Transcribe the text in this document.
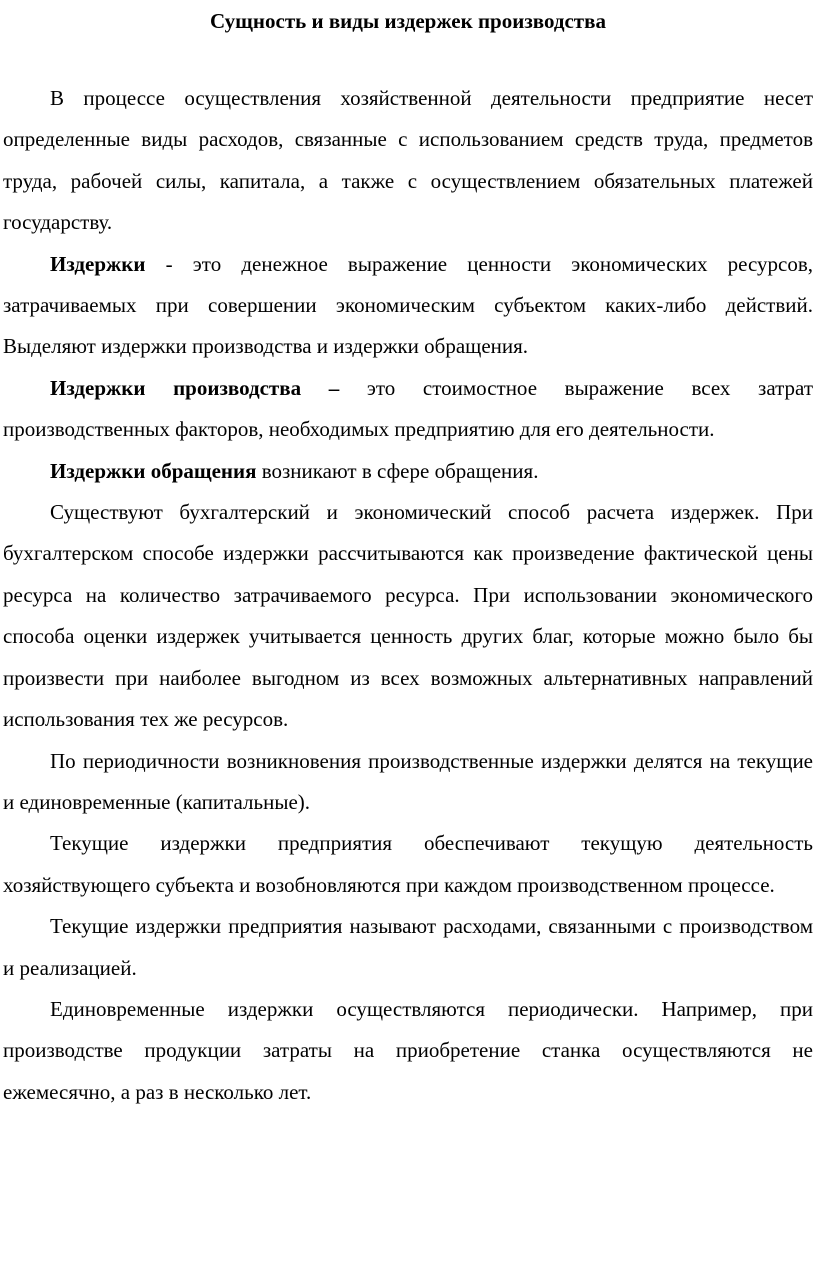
Сущность и виды издержек производства

В процессе осуществления хозяйственной деятельности предприятие несет определенные виды расходов, связанные с использованием средств труда, предметов труда, рабочей силы, капитала, а также с осуществлением обязательных платежей государству.

Издержки - это денежное выражение ценности экономических ресурсов, затрачиваемых при совершении экономическим субъектом каких-либо действий. Выделяют издержки производства и издержки обращения.

Издержки производства – это стоимостное выражение всех затрат производственных факторов, необходимых предприятию для его деятельности.

Издержки обращения возникают в сфере обращения.

Существуют бухгалтерский и экономический способ расчета издержек. При бухгалтерском способе издержки рассчитываются как произведение фактической цены ресурса на количество затрачиваемого ресурса. При использовании экономического способа оценки издержек учитывается ценность других благ, которые можно было бы произвести при наиболее выгодном из всех возможных альтернативных направлений использования тех же ресурсов.

По периодичности возникновения производственные издержки делятся на текущие и единовременные (капитальные).

Текущие издержки предприятия обеспечивают текущую деятельность хозяйствующего субъекта и возобновляются при каждом производственном процессе.

Текущие издержки предприятия называют расходами, связанными с производством и реализацией.

Единовременные издержки осуществляются периодически. Например, при производстве продукции затраты на приобретение станка осуществляются не ежемесячно, а раз в несколько лет.
